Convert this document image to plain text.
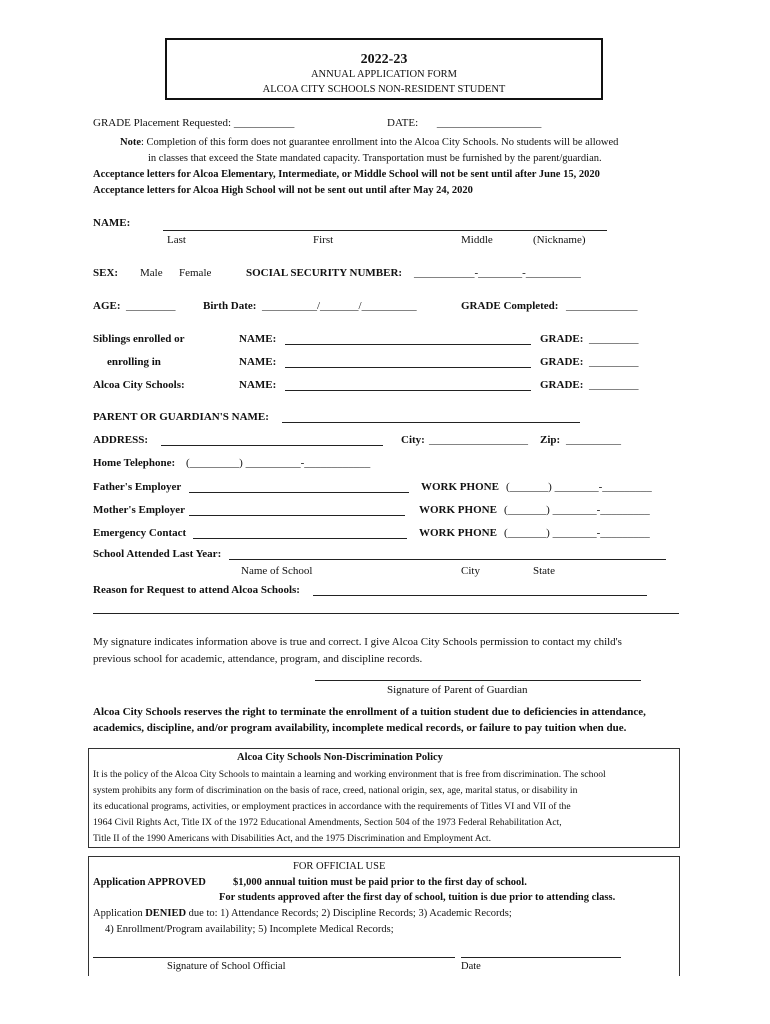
2022-23
ANNUAL APPLICATION FORM
ALCOA CITY SCHOOLS NON-RESIDENT STUDENT
GRADE Placement Requested: ___________	DATE: ___________________
Note: Completion of this form does not guarantee enrollment into the Alcoa City Schools. No students will be allowed
in classes that exceed the State mandated capacity. Transportation must be furnished by the parent/guardian.
Acceptance letters for Alcoa Elementary, Intermediate, or Middle School will not be sent until after June 15, 2020
Acceptance letters for Alcoa High School will not be sent out until after May 24, 2020
NAME:
Last	First	Middle	(Nickname)
SEX: Male Female	SOCIAL SECURITY NUMBER: ___________-________-__________
AGE: _________	Birth Date: __________/_______/__________	GRADE Completed: _____________
Siblings enrolled or
enrolling in
Alcoa City Schools:
NAME:	GRADE: _________
NAME:	GRADE: _________
NAME:	GRADE: _________
PARENT OR GUARDIAN'S NAME:
ADDRESS:	City: __________________ Zip: __________
Home Telephone: (_________) __________-____________
Father's Employer	WORK PHONE (_______) ________-_________
Mother's Employer	WORK PHONE (_______) ________-_________
Emergency Contact	WORK PHONE (_______) ________-_________
School Attended Last Year:
Name of School	City	State
Reason for Request to attend Alcoa Schools:
My signature indicates information above is true and correct. I give Alcoa City Schools permission to contact my child's
previous school for academic, attendance, program, and discipline records.
Signature of Parent of Guardian
Alcoa City Schools reserves the right to terminate the enrollment of a tuition student due to deficiencies in attendance,
academics, discipline, and/or program availability, incomplete medical records, or failure to pay tuition when due.
Alcoa City Schools Non-Discrimination Policy
It is the policy of the Alcoa City Schools to maintain a learning and working environment that is free from discrimination. The school
system prohibits any form of discrimination on the basis of race, creed, national origin, sex, age, marital status, or disability in
its educational programs, activities, or employment practices in accordance with the requirements of Titles VI and VII of the
1964 Civil Rights Act, Title IX of the 1972 Educational Amendments, Section 504 of the 1973 Federal Rehabilitation Act,
Title II of the 1990 Americans with Disabilities Act, and the 1975 Discrimination and Employment Act.
FOR OFFICIAL USE
Application APPROVED	$1,000 annual tuition must be paid prior to the first day of school.
For students approved after the first day of school, tuition is due prior to attending class.
Application DENIED due to: 1) Attendance Records; 2) Discipline Records; 3) Academic Records;
4) Enrollment/Program availability; 5) Incomplete Medical Records;
Signature of School Official	Date
